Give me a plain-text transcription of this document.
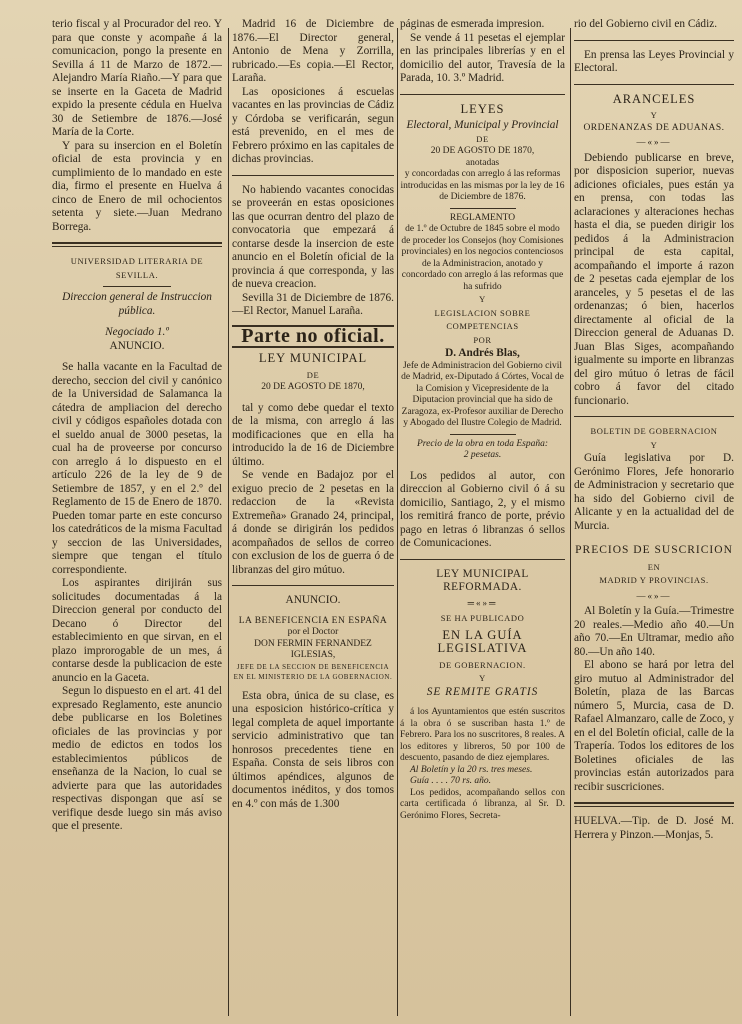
terio fiscal y al Procurador del reo. Y para que conste y acompañe á la comunicacion, pongo la presente en Sevilla á 11 de Marzo de 1872.—Alejandro María Riaño.—Y para que se inserte en la Gaceta de Madrid expido la presente cédula en Huelva 30 de Setiembre de 1876.—José María de la Corte.

Y para su insercion en el Boletín oficial de esta provincia y en cumplimiento de lo mandado en este dia, firmo el presente en Huelva á cinco de Enero de mil ochocientos setenta y siete.—Juan Medrano Borrega.

UNIVERSIDAD LITERARIA DE SEVILLA.

Direccion general de Instruccion pública.

Negociado 1.º

ANUNCIO.

Se halla vacante en la Facultad de derecho, seccion del civil y canónico de la Universidad de Salamanca la cátedra de ampliacion del derecho civil y códigos españoles dotada con el sueldo anual de 3000 pesetas, la cual ha de proveerse por concurso con arreglo á lo dispuesto en el artículo 226 de la ley de 9 de Setiembre de 1857, y en el 2.º del Reglamento de 15 de Enero de 1870. Pueden tomar parte en este concurso los catedráticos de la misma Facultad y seccion de las Universidades, siempre que tengan el título correspondiente.

Los aspirantes dirijirán sus solicitudes documentadas á la Direccion general por conducto del Decano ó Director del establecimiento en que sirvan, en el plazo improrogable de un mes, á contarse desde la publicacion de este anuncio en la Gaceta.

Segun lo dispuesto en el art. 41 del expresado Reglamento, este anuncio debe publicarse en los Boletines oficiales de las provincias y por medio de edictos en todos los establecimientos públicos de enseñanza de la Nacion, lo cual se advierte para que las autoridades respectivas dispongan que así se verifique desde luego sin más aviso que el presente.

Madrid 16 de Diciembre de 1876.—El Director general, Antonio de Mena y Zorrilla, rubricado.—Es copia.—El Rector, Laraña.

Las oposiciones á escuelas vacantes en las provincias de Cádiz y Córdoba se verificarán, segun está prevenido, en el mes de Febrero próximo en las capitales de dichas provincias.

No habiendo vacantes conocidas se proveerán en estas oposiciones las que ocurran dentro del plazo de convocatoria que empezará á contarse desde la insercion de este anuncio en el Boletín oficial de la provincia á que corresponda, y las de nueva creacion.

Sevilla 31 de Diciembre de 1876.—El Rector, Manuel Laraña.

Parte no oficial.

LEY MUNICIPAL

DE

20 DE AGOSTO DE 1870,

tal y como debe quedar el texto de la misma, con arreglo á las modificaciones que en ella ha introducido la de 16 de Diciembre último.

Se vende en Badajoz por el exiguo precio de 2 pesetas en la redaccion de la «Revista Extremeña» Granado 24, principal, á donde se dirigirán los pedidos acompañados de sellos de correo con exclusion de los de guerra ó de libranzas del giro mútuo.

ANUNCIO.

LA BENEFICENCIA EN ESPAÑA

por el Doctor

DON FERMIN FERNANDEZ IGLESIAS,

JEFE DE LA SECCION DE BENEFICENCIA EN EL MINISTERIO DE LA GOBERNACION.

Esta obra, única de su clase, es una esposicion histórico-crítica y legal completa de aquel importante servicio administrativo que tan honrosos precedentes tiene en España. Consta de seis libros con últimos apéndices, algunos de documentos inéditos, y dos tomos en 4.º con más de 1.300

páginas de esmerada impresion.

Se vende á 11 pesetas el ejemplar en las principales librerías y en el domicilio del autor, Travesía de la Parada, 10. 3.º Madrid.

LEYES

Electoral, Municipal y Provincial

DE

20 DE AGOSTO DE 1870,

anotadas

y concordadas con arreglo á las reformas introducidas en las mismas por la ley de 16 de Diciembre de 1876.

REGLAMENTO

de 1.º de Octubre de 1845 sobre el modo de proceder los Consejos (hoy Comisiones provinciales) en los negocios contenciosos de la Administracion, anotado y concordado con arreglo á las reformas que ha sufrido

Y

LEGISLACION SOBRE COMPETENCIAS

POR

D. Andrés Blas,

Jefe de Administracion del Gobierno civil de Madrid, ex-Diputado á Córtes, Vocal de la Comision y Vicepresidente de la Diputacion provincial que ha sido de Zaragoza, ex-Profesor auxiliar de Derecho y Abogado del Ilustre Colegio de Madrid.

Precio de la obra en toda España:

2 pesetas.

Los pedidos al autor, con direccion al Gobierno civil ó á su domicilio, Santiago, 2, y el mismo los remitirá franco de porte, prévio pago en letras ó libranzas ó sellos de Comunicaciones.

LEY MUNICIPAL REFORMADA.

═«»═

SE HA PUBLICADO

EN LA GUÍA LEGISLATIVA

DE GOBERNACION.

Y

SE REMITE GRATIS

á los Ayuntamientos que estén suscritos á la obra ó se suscriban hasta 1.º de Febrero. Para los no suscritores, 8 reales. A los editores y libreros, 50 por 100 de descuento, pasando de diez ejemplares.

Al Boletín y la 20 rs. tres meses.

Guía . . . . 70 rs. año.

Los pedidos, acompañando sellos con carta certificada ó libranza, al Sr. D. Gerónimo Flores, Secreta-

rio del Gobierno civil en Cádiz.

En prensa las Leyes Provincial y Electoral.

ARANCELES

Y

ORDENANZAS DE ADUANAS.

—«»—

Debiendo publicarse en breve, por disposicion superior, nuevas adiciones oficiales, pues están ya en prensa, con todas las aclaraciones y alteraciones hechas hasta el dia, se pueden dirigir los pedidos á la Administracion principal de esta capital, acompañando el importe á razon de 2 pesetas cada ejemplar de los aranceles, y 5 pesetas el de las ordenanzas; ó bien, hacerlos directamente al oficial de la Direccion general de Aduanas D. Juan Blas Siges, acompañando igualmente su importe en libranzas del giro mútuo ó letras de fácil cobro á favor del citado funcionario.

BOLETIN DE GOBERNACION

Y

Guía legislativa por D. Gerónimo Flores, Jefe honorario de Administracion y secretario que ha sido del Gobierno civil de Alicante y en la actualidad del de Murcia.

PRECIOS DE SUSCRICION

EN

MADRID Y PROVINCIAS.

—«»—

Al Boletín y la Guía.—Trimestre 20 reales.—Medio año 40.—Un año 70.—En Ultramar, medio año 80.—Un año 140.

El abono se hará por letra del giro mutuo al Administrador del Boletín, plaza de las Barcas número 5, Murcia, casa de D. Rafael Almanzaro, calle de Zoco, y en el del Boletín oficial, calle de la Trapería. Todos los editores de los Boletines oficiales de las provincias están autorizados para recibir suscriciones.

HUELVA.—Tip. de D. José M. Herrera y Pinzon.—Monjas, 5.
